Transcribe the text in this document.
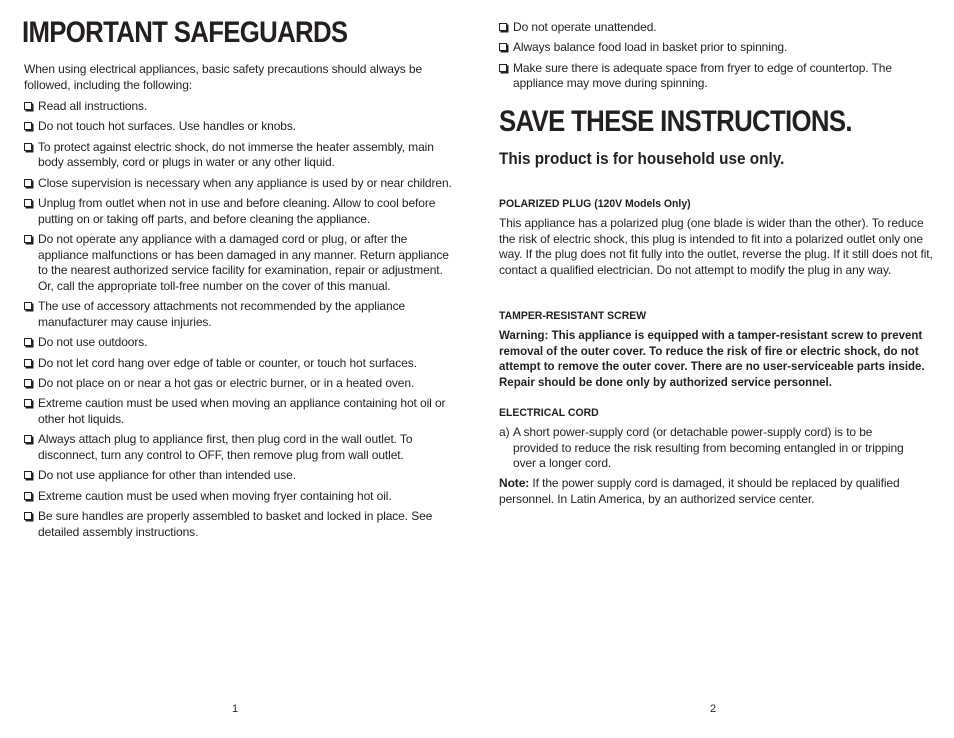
IMPORTANT SAFEGUARDS

When using electrical appliances, basic safety precautions should always be followed, including the following:

Read all instructions.
Do not touch hot surfaces. Use handles or knobs.
To protect against electric shock, do not immerse the heater assembly, main body assembly, cord or plugs in water or any other liquid.
Close supervision is necessary when any appliance is used by or near children.
Unplug from outlet when not in use and before cleaning. Allow to cool before putting on or taking off parts, and before cleaning the appliance.
Do not operate any appliance with a damaged cord or plug, or after the appliance malfunctions or has been damaged in any manner. Return appliance to the nearest authorized service facility for examination, repair or adjustment. Or, call the appropriate toll-free number on the cover of this manual.
The use of accessory attachments not recommended by the appliance manufacturer may cause injuries.
Do not use outdoors.
Do not let cord hang over edge of table or counter, or touch hot surfaces.
Do not place on or near a hot gas or electric burner, or in a heated oven.
Extreme caution must be used when moving an appliance containing hot oil or other hot liquids.
Always attach plug to appliance first, then plug cord in the wall outlet. To disconnect, turn any control to OFF, then remove plug from wall outlet.
Do not use appliance for other than intended use.
Extreme caution must be used when moving fryer containing hot oil.
Be sure handles are properly assembled to basket and locked in place. See detailed assembly instructions.
1
Do not operate unattended.
Always balance food load in basket prior to spinning.
Make sure there is adequate space from fryer to edge of countertop. The appliance may move during spinning.
SAVE THESE INSTRUCTIONS.
This product is for household use only.
POLARIZED PLUG (120V Models Only)

This appliance has a polarized plug (one blade is wider than the other). To reduce the risk of electric shock, this plug is intended to fit into a polarized outlet only one way. If the plug does not fit fully into the outlet, reverse the plug. If it still does not fit, contact a qualified electrician. Do not attempt to modify the plug in any way.

TAMPER-RESISTANT SCREW

Warning: This appliance is equipped with a tamper-resistant screw to prevent removal of the outer cover. To reduce the risk of fire or electric shock, do not attempt to remove the outer cover. There are no user-serviceable parts inside. Repair should be done only by authorized service personnel.

ELECTRICAL CORD
a) A short power-supply cord (or detachable power-supply cord) is to be provided to reduce the risk resulting from becoming entangled in or tripping over a longer cord.

Note: If the power supply cord is damaged, it should be replaced by qualified personnel. In Latin America, by an authorized service center.

2
